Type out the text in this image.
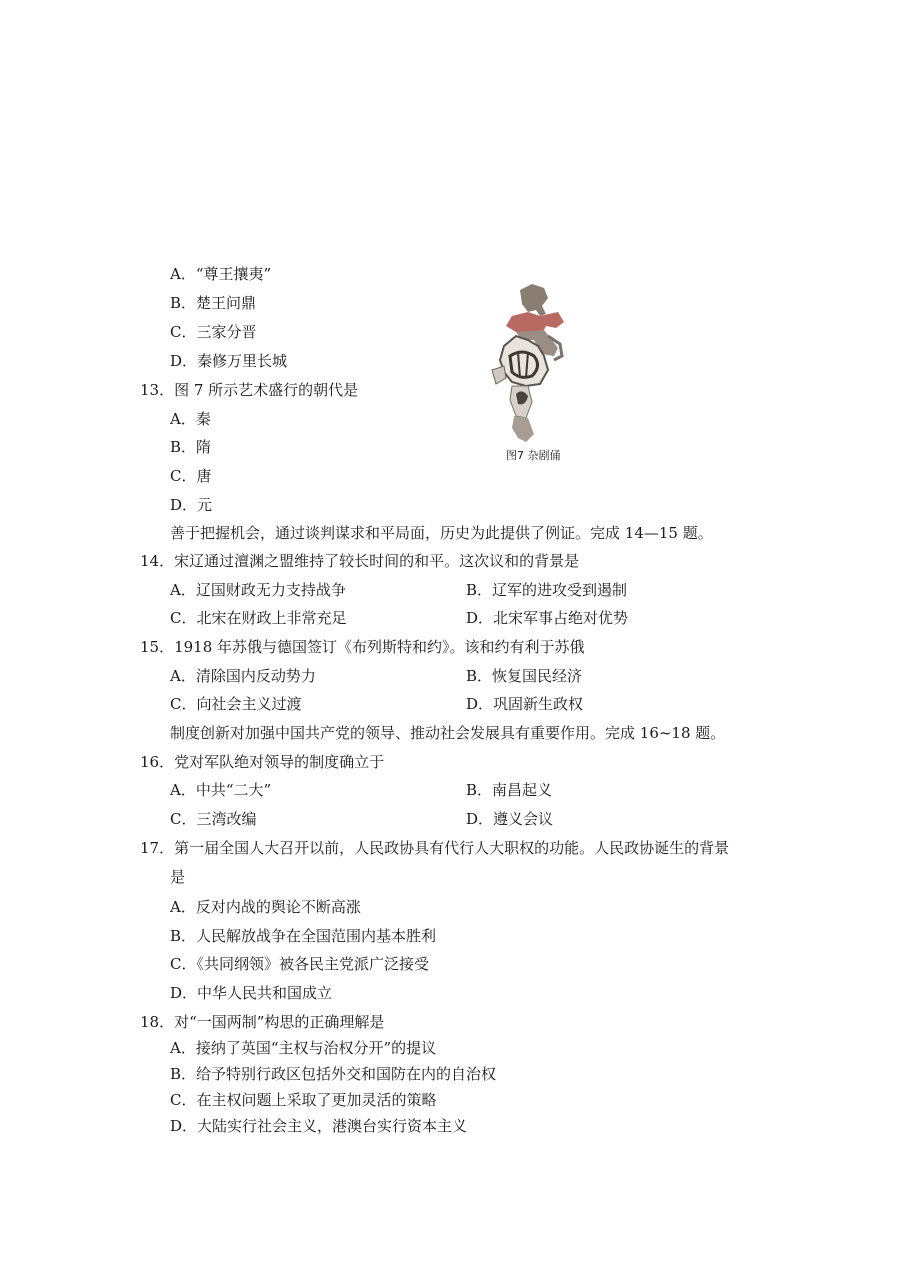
A．“尊王攘夷”
B．楚王问鼎
C．三家分晋
D．秦修万里长城
图7 杂剧俑
13．图 7 所示艺术盛行的朝代是
A．秦
B．隋
C．唐
D．元
善于把握机会，通过谈判谋求和平局面，历史为此提供了例证。完成 14—15 题。
14．宋辽通过澶渊之盟维持了较长时间的和平。这次议和的背景是
A．辽国财政无力支持战争	B．辽军的进攻受到遏制
C．北宋在财政上非常充足	D．北宋军事占绝对优势
15．1918 年苏俄与德国签订《布列斯特和约》。该和约有利于苏俄
A．清除国内反动势力	B．恢复国民经济
C．向社会主义过渡	D．巩固新生政权
制度创新对加强中国共产党的领导、推动社会发展具有重要作用。完成 16~18 题。
16．党对军队绝对领导的制度确立于
A．中共“二大”	B．南昌起义
C．三湾改编	D．遵义会议
17．第一届全国人大召开以前，人民政协具有代行人大职权的功能。人民政协诞生的背景
是
A．反对内战的舆论不断高涨
B．人民解放战争在全国范围内基本胜利
C．《共同纲领》被各民主党派广泛接受
D．中华人民共和国成立
18．对“一国两制”构思的正确理解是
A．接纳了英国“主权与治权分开”的提议
B．给予特别行政区包括外交和国防在内的自治权
C．在主权问题上采取了更加灵活的策略
D．大陆实行社会主义，港澳台实行资本主义
